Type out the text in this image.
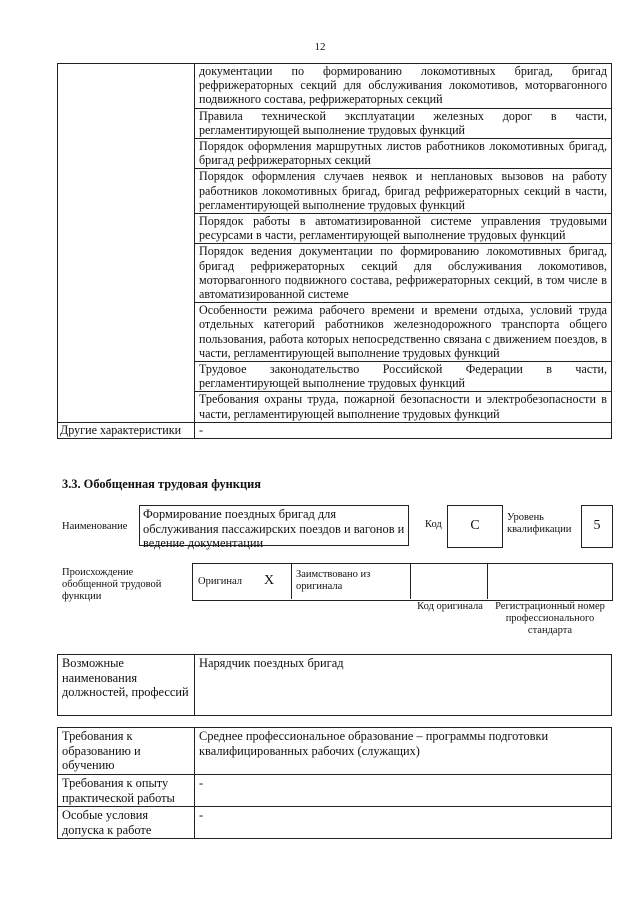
12
	документации по формированию локомотивных бригад, бригад рефрижераторных секций для обслуживания локомотивов, моторвагонного подвижного состава, рефрижераторных секций
	Правила технической эксплуатации железных дорог в части, регламентирующей выполнение трудовых функций
	Порядок оформления маршрутных листов работников локомотивных бригад, бригад рефрижераторных секций
	Порядок оформления случаев неявок и неплановых вызовов на работу работников локомотивных бригад, бригад рефрижераторных секций в части, регламентирующей выполнение трудовых функций
	Порядок работы в автоматизированной системе управления трудовыми ресурсами в части, регламентирующей выполнение трудовых функций
	Порядок ведения документации по формированию локомотивных бригад, бригад рефрижераторных секций для обслуживания локомотивов, моторвагонного подвижного состава, рефрижераторных секций, в том числе в автоматизированной системе
	Особенности режима рабочего времени и времени отдыха, условий труда отдельных категорий работников железнодорожного транспорта общего пользования, работа которых непосредственно связана с движением поездов, в части, регламентирующей выполнение трудовых функций
	Трудовое законодательство Российской Федерации в части, регламентирующей выполнение трудовых функций
	Требования охраны труда, пожарной безопасности и электробезопасности в части, регламентирующей выполнение трудовых функций
Другие характеристики	-
3.3. Обобщенная трудовая функция
Наименование
Формирование поездных бригад для обслуживания пассажирских поездов и вагонов и ведение документации
Код	C
Уровень квалификации	5
Происхождение обобщенной трудовой функции
Оригинал X Заимствовано из оригинала
Код оригинала	Регистрационный номер профессионального стандарта
Возможные наименования должностей, профессий	Нарядчик поездных бригад
Требования к образованию и обучению	Среднее профессиональное образование – программы подготовки квалифицированных рабочих (служащих)
Требования к опыту практической работы	-
Особые условия допуска к работе	-
